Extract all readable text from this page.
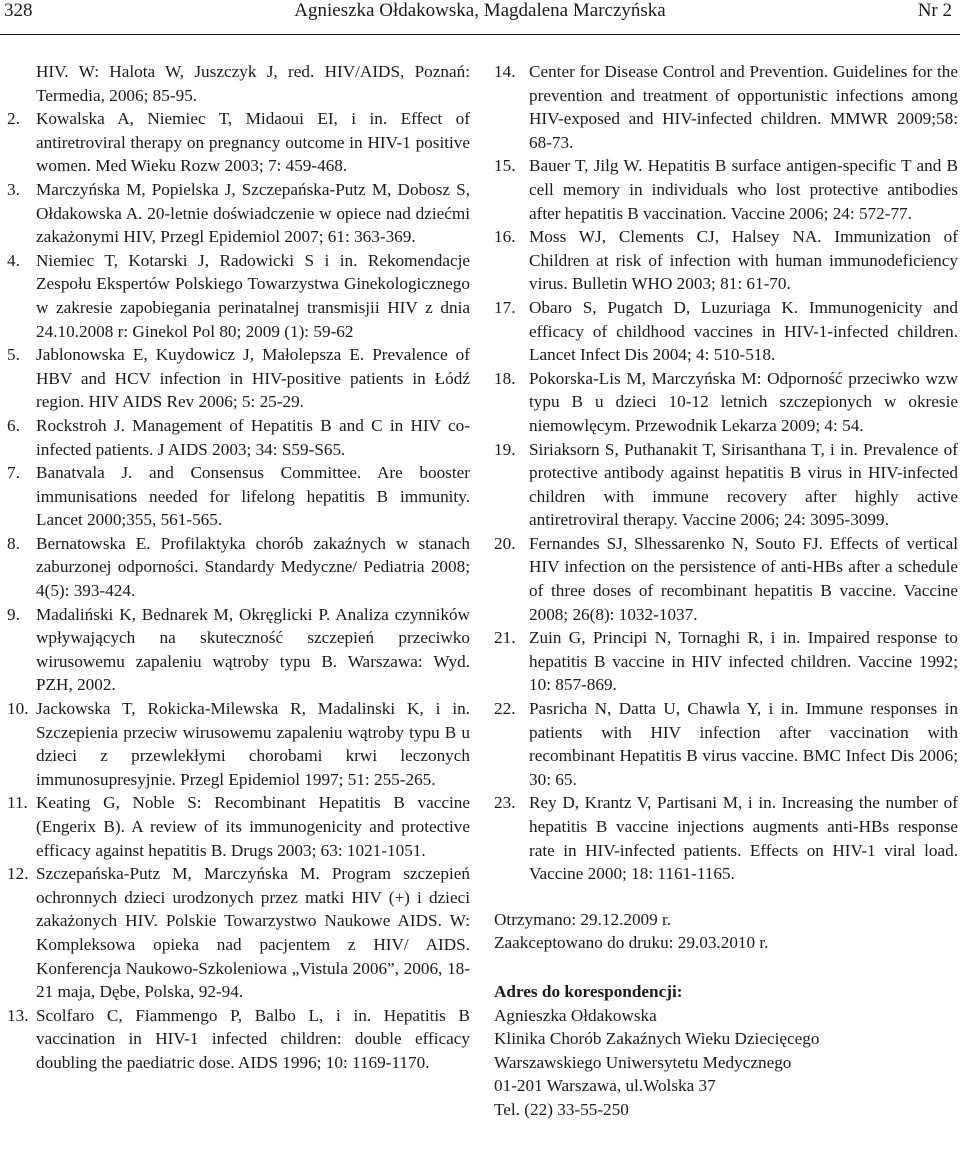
328	Agnieszka Ołdakowska, Magdalena Marczyńska	Nr 2
HIV. W: Halota W, Juszczyk J, red. HIV/AIDS, Poznań: Termedia, 2006; 85-95.
2. Kowalska A, Niemiec T, Midaoui EI, i in. Effect of antiretroviral therapy on pregnancy outcome in HIV-1 positive women. Med Wieku Rozw 2003; 7: 459-468.
3. Marczyńska M, Popielska J, Szczepańska-Putz M, Dobosz S, Ołdakowska A. 20-letnie doświadczenie w opiece nad dziećmi zakażonymi HIV, Przegl Epidemiol 2007; 61: 363-369.
4. Niemiec T, Kotarski J, Radowicki S i in. Rekomendacje Zespołu Ekspertów Polskiego Towarzystwa Ginekologicznego w zakresie zapobiegania perinatalnej transmisjii HIV z dnia 24.10.2008 r: Ginekol Pol 80; 2009 (1): 59-62
5. Jablonowska E, Kuydowicz J, Małolepsza E. Prevalence of HBV and HCV infection in HIV-positive patients in Łódź region. HIV AIDS Rev 2006; 5: 25-29.
6. Rockstroh J. Management of Hepatitis B and C in HIV co-infected patients. J AIDS 2003; 34: S59-S65.
7. Banatvala J. and Consensus Committee. Are booster immunisations needed for lifelong hepatitis B immunity. Lancet 2000;355, 561-565.
8. Bernatowska E. Profilaktyka chorób zakaźnych w stanach zaburzonej odporności. Standardy Medyczne/ Pediatria 2008; 4(5): 393-424.
9. Madaliński K, Bednarek M, Okręglicki P. Analiza czynników wpływających na skuteczność szczepień przeciwko wirusowemu zapaleniu wątroby typu B. Warszawa: Wyd. PZH, 2002.
10. Jackowska T, Rokicka-Milewska R, Madalinski K, i in. Szczepienia przeciw wirusowemu zapaleniu wątroby typu B u dzieci z przewlekłymi chorobami krwi leczonych immunosupresyjnie. Przegl Epidemiol 1997; 51: 255-265.
11. Keating G, Noble S: Recombinant Hepatitis B vaccine (Engerix B). A review of its immunogenicity and protective efficacy against hepatitis B. Drugs 2003; 63: 1021-1051.
12. Szczepańska-Putz M, Marczyńska M. Program szczepień ochronnych dzieci urodzonych przez matki HIV (+) i dzieci zakażonych HIV. Polskie Towarzystwo Naukowe AIDS. W: Kompleksowa opieka nad pacjentem z HIV/ AIDS. Konferencja Naukowo-Szkoleniowa „Vistula 2006”, 2006, 18-21 maja, Dębe, Polska, 92-94.
13. Scolfaro C, Fiammengo P, Balbo L, i in. Hepatitis B vaccination in HIV-1 infected children: double efficacy doubling the paediatric dose. AIDS 1996; 10: 1169-1170.
14. Center for Disease Control and Prevention. Guidelines for the prevention and treatment of opportunistic infections among HIV-exposed and HIV-infected children. MMWR 2009;58: 68-73.
15. Bauer T, Jilg W. Hepatitis B surface antigen-specific T and B cell memory in individuals who lost protective antibodies after hepatitis B vaccination. Vaccine 2006; 24: 572-77.
16. Moss WJ, Clements CJ, Halsey NA. Immunization of Children at risk of infection with human immunodeficiency virus. Bulletin WHO 2003; 81: 61-70.
17. Obaro S, Pugatch D, Luzuriaga K. Immunogenicity and efficacy of childhood vaccines in HIV-1-infected children. Lancet Infect Dis 2004; 4: 510-518.
18. Pokorska-Lis M, Marczyńska M: Odporność przeciwko wzw typu B u dzieci 10-12 letnich szczepionych w okresie niemowlęcym. Przewodnik Lekarza 2009; 4: 54.
19. Siriaksorn S, Puthanakit T, Sirisanthana T, i in. Prevalence of protective antibody against hepatitis B virus in HIV-infected children with immune recovery after highly active antiretroviral therapy. Vaccine 2006; 24: 3095-3099.
20. Fernandes SJ, Slhessarenko N, Souto FJ. Effects of vertical HIV infection on the persistence of anti-HBs after a schedule of three doses of recombinant hepatitis B vaccine. Vaccine 2008; 26(8): 1032-1037.
21. Zuin G, Principi N, Tornaghi R, i in. Impaired response to hepatitis B vaccine in HIV infected children. Vaccine 1992; 10: 857-869.
22. Pasricha N, Datta U, Chawla Y, i in. Immune responses in patients with HIV infection after vaccination with recombinant Hepatitis B virus vaccine. BMC Infect Dis 2006; 30: 65.
23. Rey D, Krantz V, Partisani M, i in. Increasing the number of hepatitis B vaccine injections augments anti-HBs response rate in HIV-infected patients. Effects on HIV-1 viral load. Vaccine 2000; 18: 1161-1165.
Otrzymano: 29.12.2009 r.
Zaakceptowano do druku: 29.03.2010 r.
Adres do korespondencji:
Agnieszka Ołdakowska
Klinika Chorób Zakaźnych Wieku Dziecięcego
Warszawskiego Uniwersytetu Medycznego
01-201 Warszawa, ul.Wolska 37
Tel. (22) 33-55-250
